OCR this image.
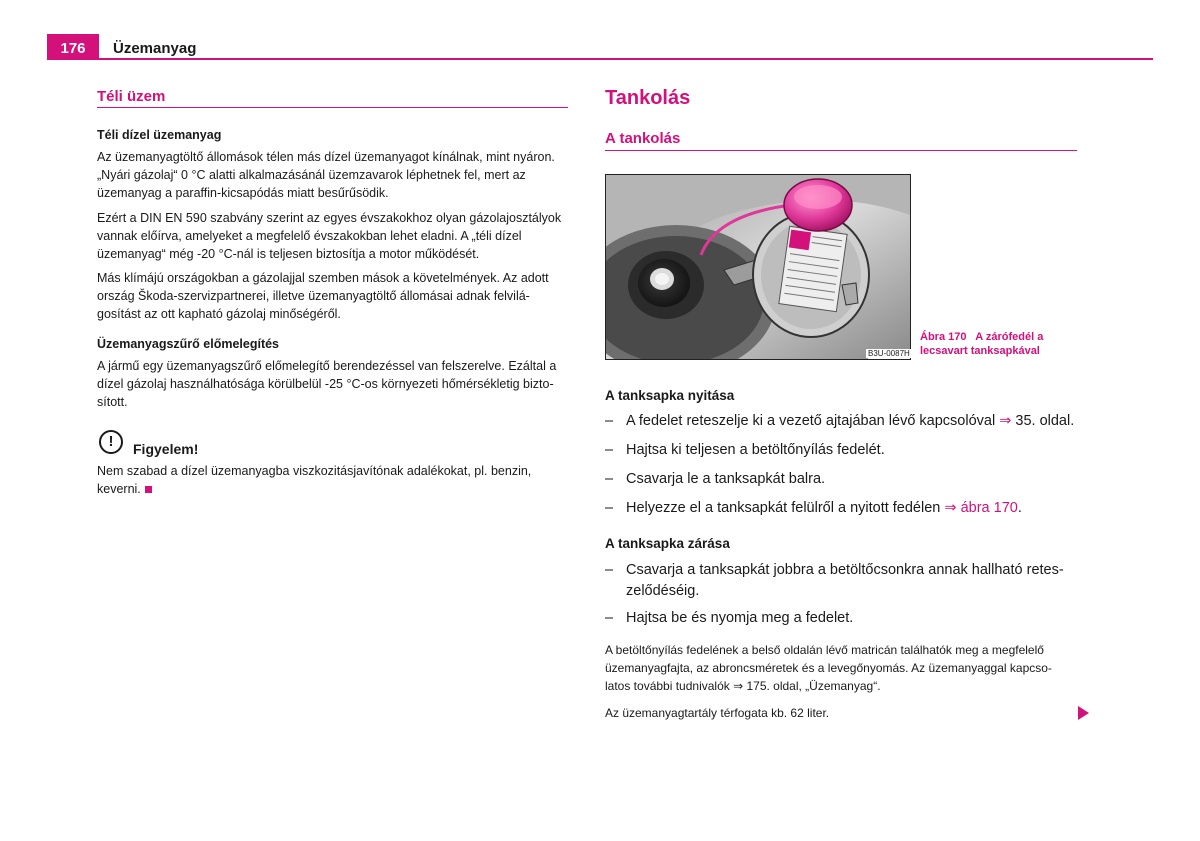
176	Üzemanyag
Téli üzem
Téli dízel üzemanyag
Az üzemanyagtöltő állomások télen más dízel üzemanyagot kínálnak, mint nyáron.
„Nyári gázolaj“ 0 °C alatti alkalmazásánál üzemzavarok léphetnek fel, mert az
üzemanyag a paraffin-kicsapódás miatt besűrűsödik.
Ezért a DIN EN 590 szabvány szerint az egyes évszakokhoz olyan gázolajosztályok
vannak előírva, amelyeket a megfelelő évszakokban lehet eladni. A „téli dízel
üzemanyag“ még -20 °C-nál is teljesen biztosítja a motor működését.
Más klímájú országokban a gázolajjal szemben mások a követelmények. Az adott
ország Škoda-szervizpartnerei, illetve üzemanyagtöltő állomásai adnak felvilá-
gosítást az ott kapható gázolaj minőségéről.
Üzemanyagszűrő előmelegítés
A jármű egy üzemanyagszűrő előmelegítő berendezéssel van felszerelve. Ezáltal a
dízel gázolaj használhatósága körülbelül -25 °C-os környezeti hőmérsékletig bizto-
sított.
!	Figyelem!
Nem szabad a dízel üzemanyagba viszkozitásjavítónak adalékokat, pl. benzin,
keverni.
Tankolás
A tankolás
B3U-0087H
Ábra 170 A zárófedél a
lecsavart tanksapkával
A tanksapka nyitása
– A fedelet reteszelje ki a vezető ajtajában lévő kapcsolóval ⇒ 35. oldal.
– Hajtsa ki teljesen a betöltőnyílás fedelét.
– Csavarja le a tanksapkát balra.
– Helyezze el a tanksapkát felülről a nyitott fedélen ⇒ ábra 170.
A tanksapka zárása
– Csavarja a tanksapkát jobbra a betöltőcsonkra annak hallható retes-
zelődéséig.
– Hajtsa be és nyomja meg a fedelet.
A betöltőnyílás fedelének a belső oldalán lévő matricán találhatók meg a megfelelő
üzemanyagfajta, az abroncsméretek és a levegőnyomás. Az üzemanyaggal kapcso-
latos további tudnivalók ⇒ 175. oldal, „Üzemanyag“.
Az üzemanyagtartály térfogata kb. 62 liter.
